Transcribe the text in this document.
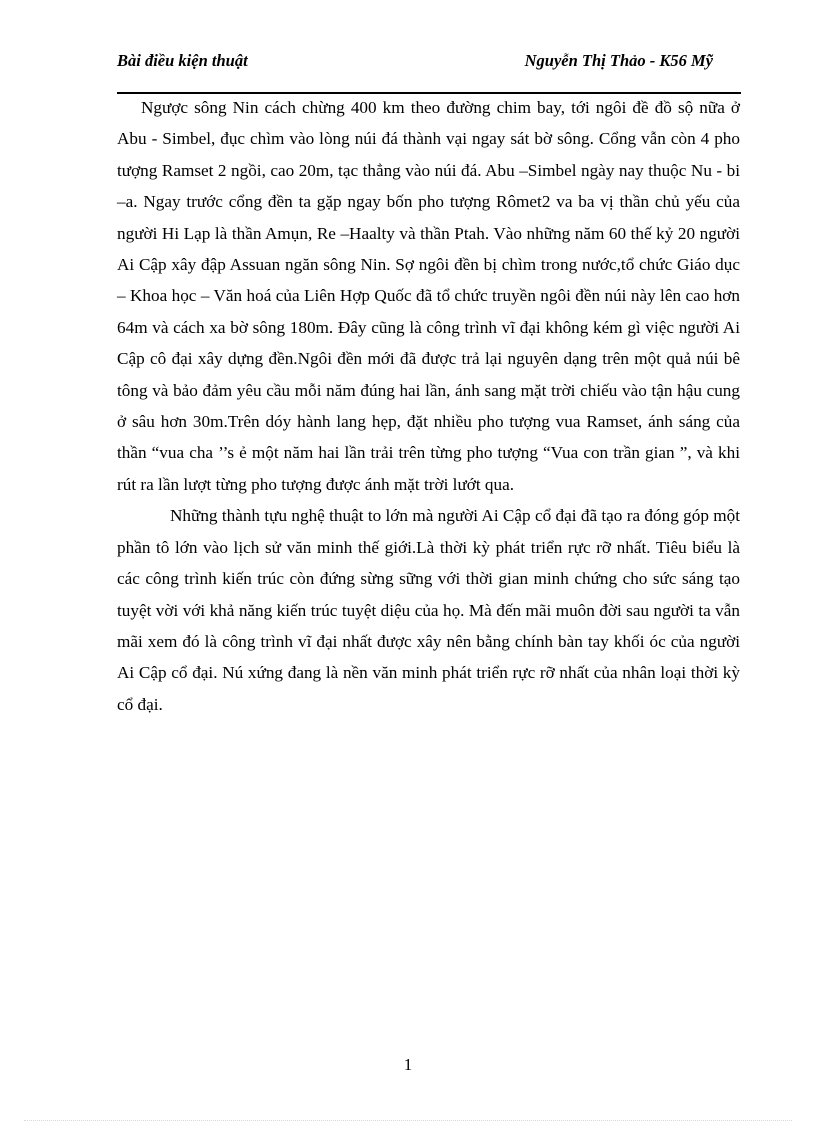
Bài điều kiện thuật	Nguyễn Thị Thảo - K56 Mỹ

Ngược sông Nin cách chừng 400 km theo đường chim bay, tới ngôi đề đồ sộ nữa ở Abu - Simbel, đục chìm vào lòng núi đá thành vại ngay sát bờ sông. Cổng vẫn còn 4 pho tượng Ramset 2 ngồi, cao 20m, tạc thẳng vào núi đá. Abu –Simbel ngày nay thuộc Nu - bi –a. Ngay trước cổng đền ta gặp ngay bốn pho tượng Rômet2 va ba vị thần chủ yếu của người Hi Lạp là thần Amụn, Re –Haalty và thần Ptah. Vào những năm 60 thế kỷ 20 người Ai Cập xây đập Assuan ngăn sông Nin. Sợ ngôi đền bị chìm trong nước,tổ chức Giáo dục – Khoa học – Văn hoá của Liên Hợp Quốc đã tổ chức truyền ngôi đền núi này lên cao hơn 64m và cách xa bờ sông 180m. Đây cũng là công trình vĩ đại không kém gì việc người Ai Cập cô đại xây dựng đền.Ngôi đền mới đã được trả lại nguyên dạng trên một quả núi bê tông và bảo đảm yêu cầu mỗi năm đúng hai lần, ánh sang mặt trời chiếu vào tận hậu cung ở sâu hơn 30m.Trên dóy hành lang hẹp, đặt nhiều pho tượng vua Ramset, ánh sáng của thần “vua cha ’’s ẻ một năm hai lần trải trên từng pho tượng “Vua con trần gian ”, và khi rút ra lần lượt từng pho tượng được ánh mặt trời lướt qua.

Những thành tựu nghệ thuật to lớn mà người Ai Cập cổ đại đã tạo ra đóng góp một phần tô lớn vào lịch sử văn minh thế giới.Là thời kỳ phát triển rực rỡ nhất. Tiêu biểu là các công trình kiến trúc còn đứng sừng sững với thời gian minh chứng cho sức sáng tạo tuyệt vời với khả năng kiến trúc tuyệt diệu của họ. Mà đến mãi muôn đời sau người ta vẫn mãi xem đó là công trình vĩ đại nhất được xây nên bằng chính bàn tay khối óc của người Ai Cập cổ đại. Nú xứng đang là nền văn minh phát triển rực rỡ nhất của nhân loại thời kỳ cổ đại.

1
